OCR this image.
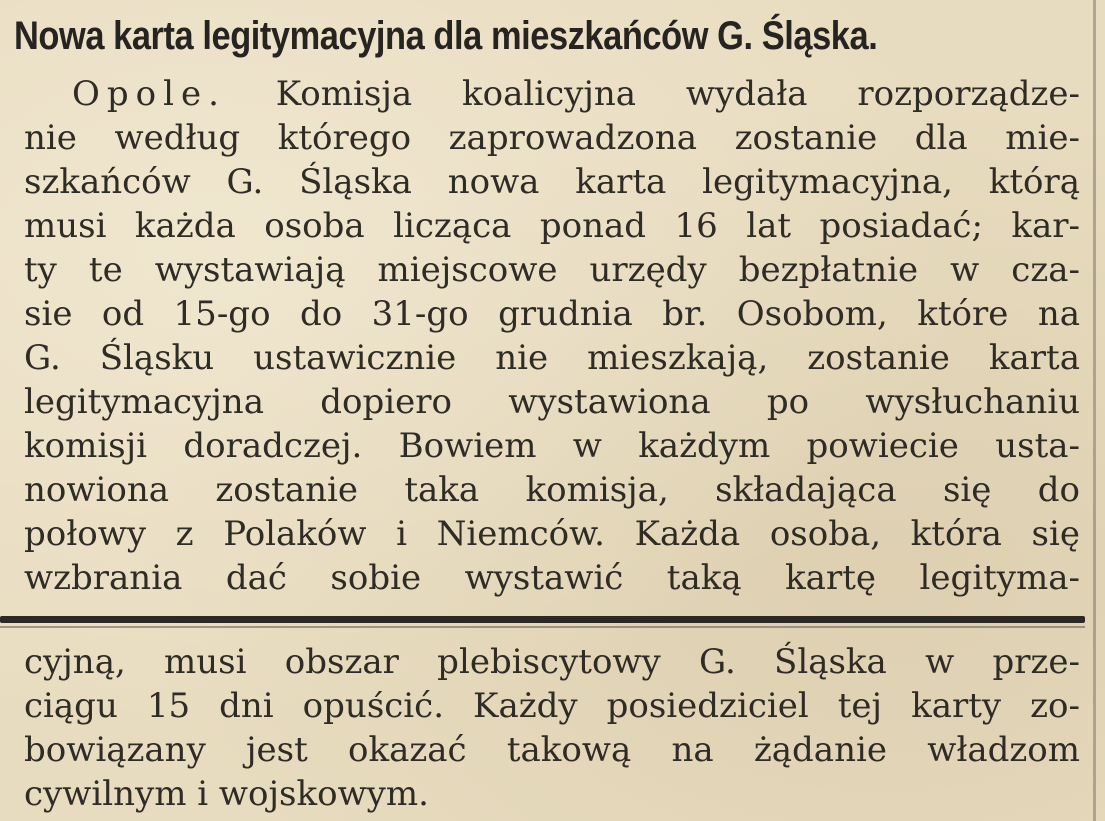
Nowa karta legitymacyjna dla mieszkańców G. Śląska.
Opole. Komisja koalicyjna wydała rozporządze-
nie według którego zaprowadzona zostanie dla mie-
szkańców G. Śląska nowa karta legitymacyjna, którą
musi każda osoba licząca ponad 16 lat posiadać; kar-
ty te wystawiają miejscowe urzędy bezpłatnie w cza-
sie od 15-go do 31-go grudnia br. Osobom, które na
G. Śląsku ustawicznie nie mieszkają, zostanie karta
legitymacyjna dopiero wystawiona po wysłuchaniu
komisji doradczej. Bowiem w każdym powiecie usta-
nowiona zostanie taka komisja, składająca się do
połowy z Polaków i Niemców. Każda osoba, która się
wzbrania dać sobie wystawić taką kartę legityma-
cyjną, musi obszar plebiscytowy G. Śląska w prze-
ciągu 15 dni opuścić. Każdy posiedziciel tej karty zo-
bowiązany jest okazać takową na żądanie władzom
cywilnym i wojskowym.
